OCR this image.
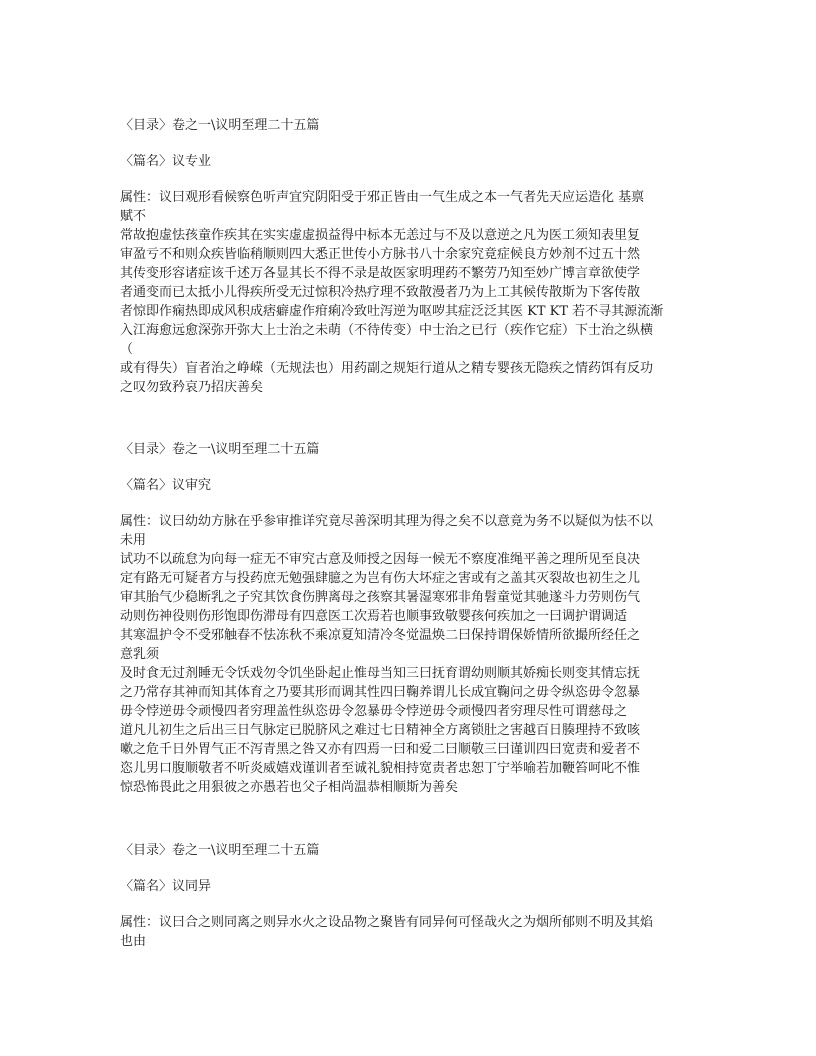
〈目录〉卷之一\议明至理二十五篇

〈篇名〉议专业

属性：议曰观形看候察色听声宜究阴阳受于邪正皆由一气生成之本一气者先天应运造化 基禀

赋不

常故抱虚怯孩童作疾其在实实虚虚损益得中标本无恙过与不及以意逆之凡为医工须知表里复

审盈亏不和则众疾皆临稍顺则四大悉正世传小方脉书八十余家究竟症候良方妙剂不过五十然

其传变形容诸症该千述万各显其长不得不录是故医家明理药不繁劳乃知至妙广博言章欲使学

者通变而已太抵小儿得疾所受无过惊积冷热疗理不致散漫者乃为上工其候传散斯为下客传散

者惊即作痫热即成风积成痞癖虚作疳痢冷致吐泻逆为呕哕其症泛泛其医 KT KT 若不寻其源流渐

入江海愈远愈深弥开弥大上士治之未萌（不待传变）中士治之已行（疾作它症）下士治之纵横

（

或有得失）盲者治之峥嵘（无规法也）用药副之规矩行道从之精专婴孩无隐疾之情药饵有反功

之叹勿致矜哀乃招庆善矣

〈目录〉卷之一\议明至理二十五篇

〈篇名〉议审究

属性：议曰幼幼方脉在乎参审推详究竟尽善深明其理为得之矣不以意竟为务不以疑似为怯不以

未用

试功不以疏怠为向每一症无不审究古意及师授之因每一候无不察度准绳平善之理所见至良决

定有路无可疑者方与投药庶无勉强肆臆之为岂有伤大坏症之害或有之盖其灭裂故也初生之儿

审其胎气少稳断乳之子究其饮食伤脾离母之孩察其暑湿寒邪非角髫童觉其驰遂斗力劳则伤气

动则伤神役则伤形饱即伤滞母有四意医工次焉若也顺事致敬婴孩何疾加之一曰调护谓调适

其寒温护令不受邪触春不怯冻秋不乘凉夏知清冷冬觉温焕二曰保持谓保娇情所欲撮所经任之

意乳须

及时食无过剂睡无令饫戏勿令饥坐卧起止惟母当知三曰抚育谓幼则顺其娇痴长则变其情忘抚

之乃常存其神而知其体育之乃要其形而调其性四曰鞠养谓儿长成宜鞠问之毋令纵恣毋令忽暴

毋令悖逆毋令顽慢四者穷理盖性纵恣毋令忽暴毋令悖逆毋令顽慢四者穷理尽性可谓慈母之

道凡儿初生之后出三日气脉定已脱脐风之难过七日精神全方离锁肚之害越百日腠理持不致咳

嗽之危千日外胃气正不泻青黑之咎又亦有四焉一曰和爱二曰顺敬三曰谨训四曰宽责和爱者不

恣儿男口腹顺敬者不听炎威嬉戏谨训者至诚礼貌相持宽责者忠恕丁宁举喻若加鞭笞呵叱不惟

惊恐怖畏此之用狠彼之亦愚若也父子相尚温恭相顺斯为善矣

〈目录〉卷之一\议明至理二十五篇

〈篇名〉议同异

属性：议曰合之则同离之则异水火之设品物之聚皆有同异何可怪哉火之为烟所郁则不明及其焰

也由
